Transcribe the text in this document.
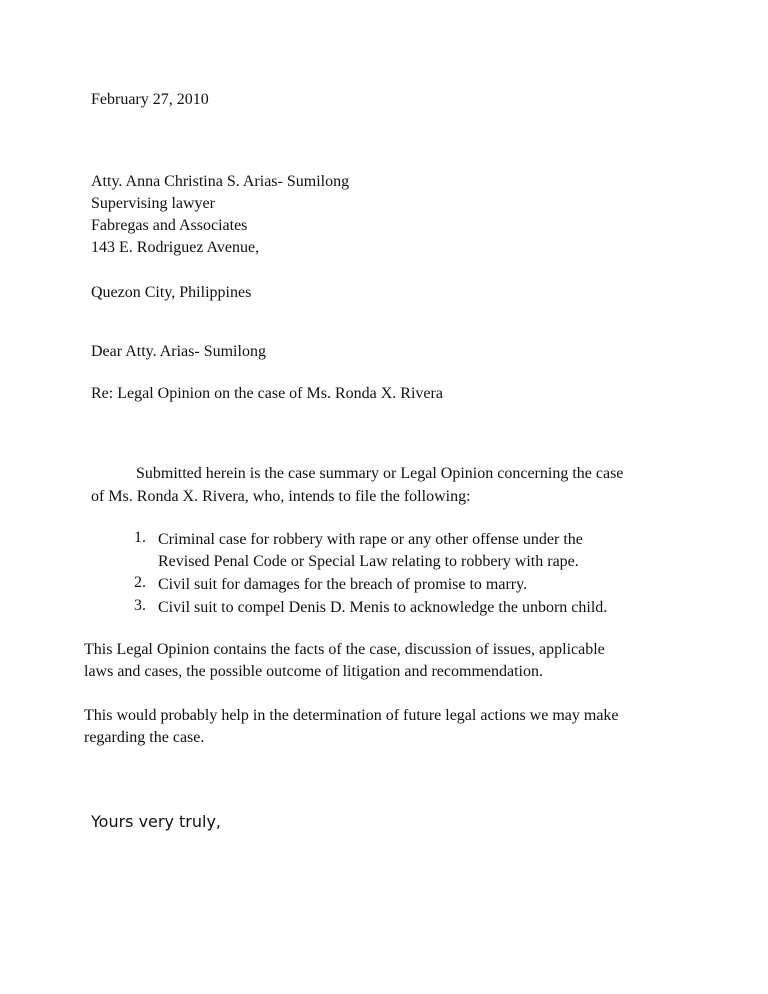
February 27, 2010
Atty. Anna Christina S. Arias- Sumilong
Supervising lawyer
Fabregas and Associates
143 E. Rodriguez Avenue,
Quezon City, Philippines
Dear Atty. Arias- Sumilong
Re: Legal Opinion on the case of Ms. Ronda X. Rivera
Submitted herein is the case summary or Legal Opinion concerning the case
of Ms. Ronda X. Rivera, who, intends to file the following:
1. Criminal case for robbery with rape or any other offense under the
Revised Penal Code or Special Law relating to robbery with rape.
2. Civil suit for damages for the breach of promise to marry.
3. Civil suit to compel Denis D. Menis to acknowledge the unborn child.
This Legal Opinion contains the facts of the case, discussion of issues, applicable
laws and cases, the possible outcome of litigation and recommendation.
This would probably help in the determination of future legal actions we may make
regarding the case.
Yours very truly,
